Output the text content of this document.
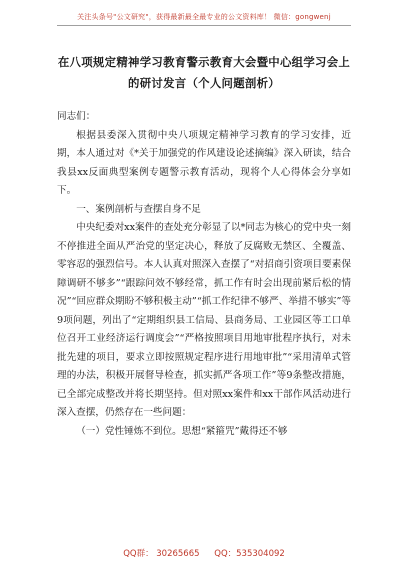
关注头条号"公文研究"，获得最新最全最专业的公文资料库！ 微信：gongwenj
在八项规定精神学习教育警示教育大会暨中心组学习会上
的研讨发言（个人问题剖析）

同志们：

根据县委深入贯彻中央八项规定精神学习教育的学习安排，近期，本人通过对《*关于加强党的作风建设论述摘编》深入研读，结合我县xx反面典型案例专题警示教育活动，现将个人心得体会分享如下。

一、案例剖析与查摆自身不足

中央纪委对xx案件的查处充分彰显了以*同志为核心的党中央一刻不停推进全面从严治党的坚定决心，释放了反腐败无禁区、全覆盖、零容忍的强烈信号。本人认真对照深入查摆了“对招商引资项目要素保障调研不够多”“跟踪问效不够经常，抓工作有时会出现前紧后松的情况”“回应群众期盼不够积极主动”“抓工作纪律不够严、举措不够实”等9项问题，列出了“定期组织县工信局、县商务局、工业园区等工口单位召开工业经济运行调度会”“严格按照项目用地审批程序执行，对未批先建的项目，要求立即按照规定程序进行用地审批”“采用清单式管理的办法，积极开展督导检查，抓实抓严各项工作”等9条整改措施，已全部完成整改并将长期坚持。但对照xx案件和xx干部作风活动进行深入查摆，仍然存在一些问题：

（一）党性锤炼不到位。思想“紧箍咒”戴得还不够

QQ群： 30265665 QQ：535304092
